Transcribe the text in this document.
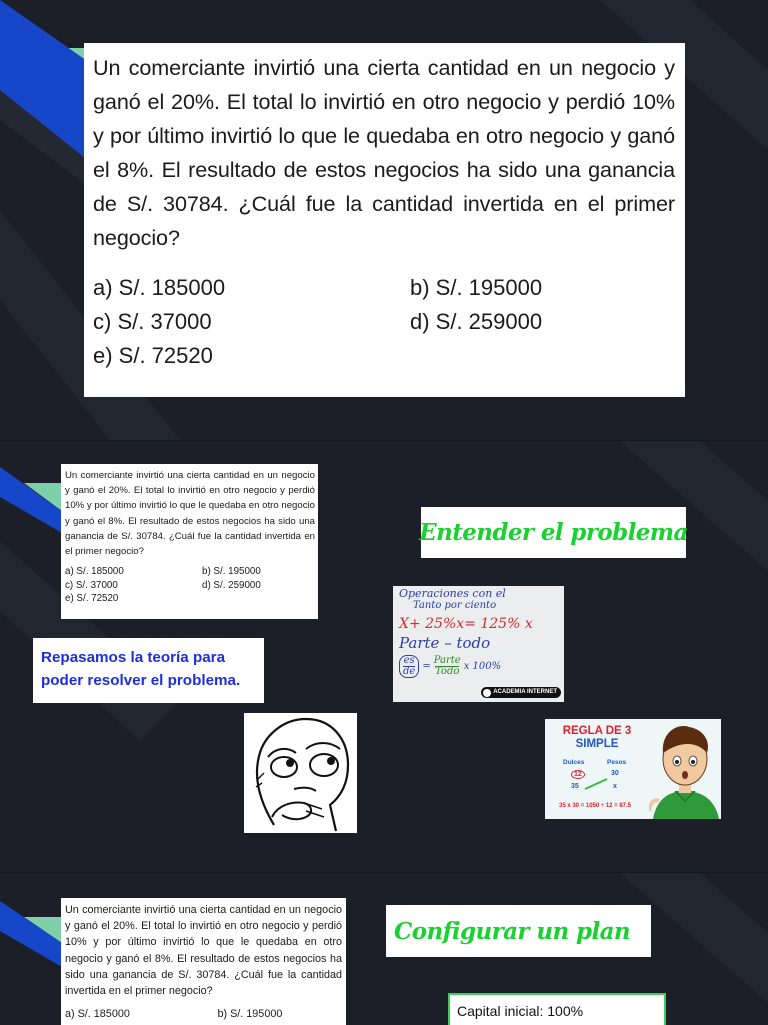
Un comerciante invirtió una cierta cantidad en un negocio y ganó el 20%. El total lo invirtió en otro negocio y perdió 10% y por último invirtió lo que le quedaba en otro negocio y ganó el 8%. El resultado de estos negocios ha sido una ganancia de S/. 30784. ¿Cuál fue la cantidad invertida en el primer negocio?

a) S/. 185000	b) S/. 195000
c) S/. 37000	d) S/. 259000
e) S/. 72520

Un comerciante invirtió una cierta cantidad en un negocio y ganó el 20%. El total lo invirtió en otro negocio y perdió 10% y por último invirtió lo que le quedaba en otro negocio y ganó el 8%. El resultado de estos negocios ha sido una ganancia de S/. 30784. ¿Cuál fue la cantidad invertida en el primer negocio?

a) S/. 185000	b) S/. 195000
c) S/. 37000	d) S/. 259000
e) S/. 72520
Entender el problema
Operaciones con el
Tanto por ciento
X+ 25%x= 125% x
Parte – todo
$\frac{es}{de}$ =
Parte
Todo x 100%
ACADEMIA INTERNET
Repasamos la teoría para poder resolver el problema.
REGLA DE 3
SIMPLE
Dulces	Pesos
12	30
35	x
35 x 30 = 1050 ÷ 12 = 87.5

Un comerciante invirtió una cierta cantidad en un negocio y ganó el 20%. El total lo invirtió en otro negocio y perdió 10% y por último invirtió lo que le quedaba en otro negocio y ganó el 8%. El resultado de estos negocios ha sido una ganancia de S/. 30784. ¿Cuál fue la cantidad invertida en el primer negocio?

a) S/. 185000	b) S/. 195000
Configurar un plan
Capital inicial: 100%
